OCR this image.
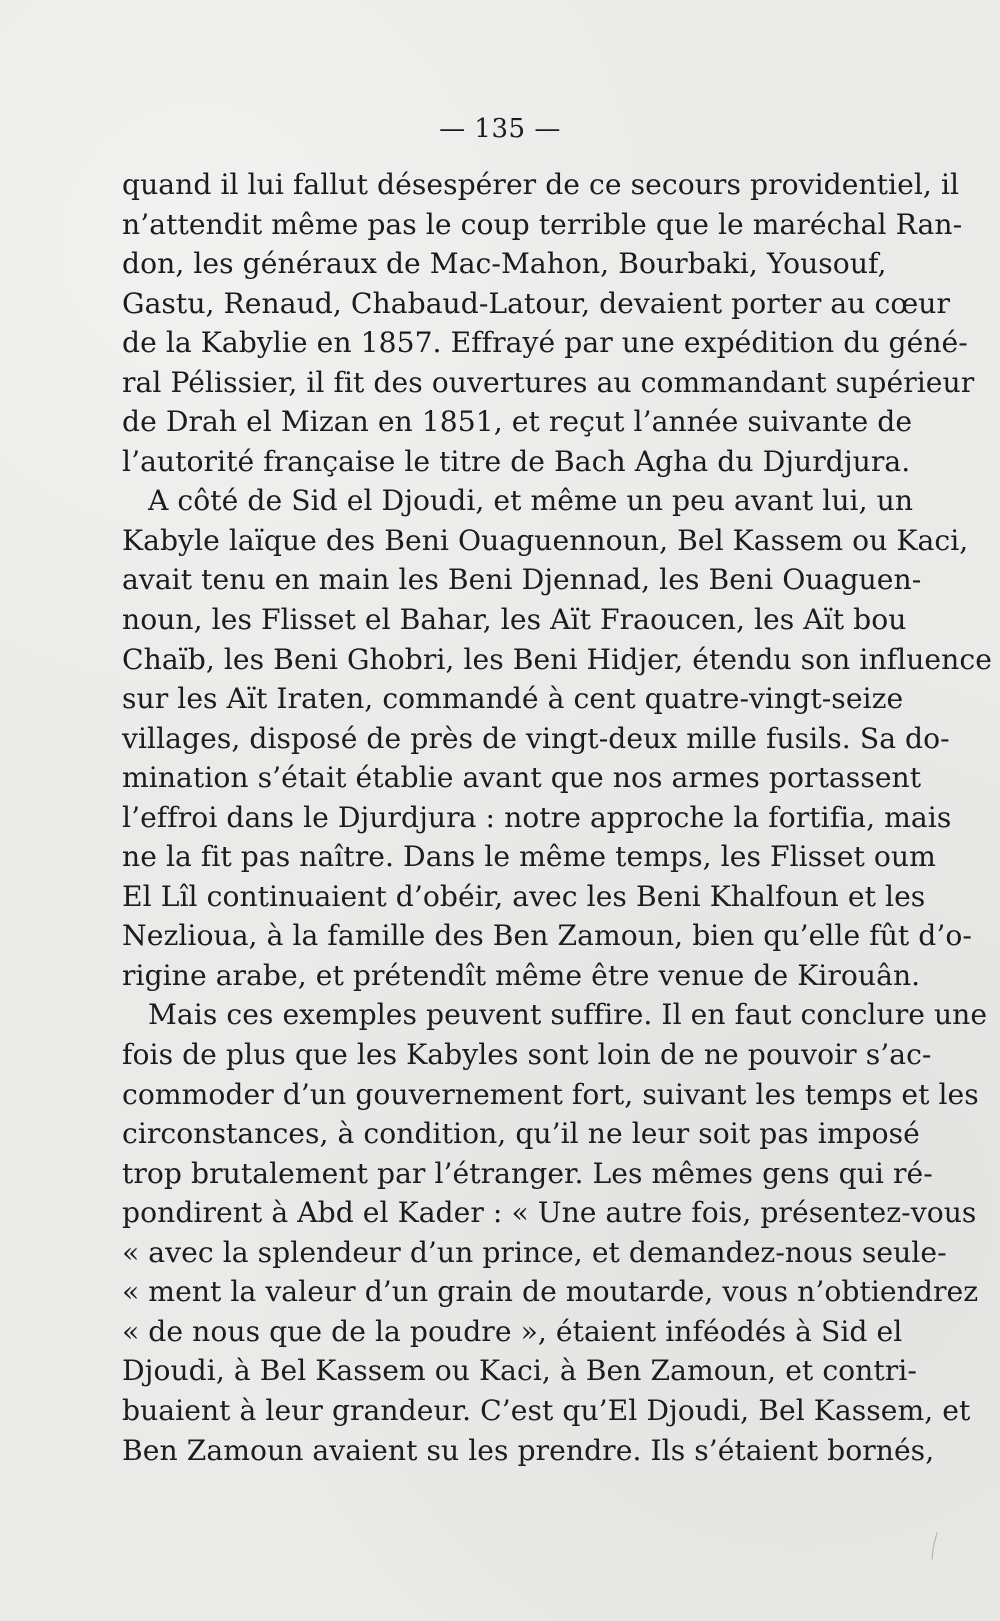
— 135 —

quand il lui fallut désespérer de ce secours providentiel, il
n’attendit même pas le coup terrible que le maréchal Ran-
don, les généraux de Mac-Mahon, Bourbaki, Yousouf,
Gastu, Renaud, Chabaud-Latour, devaient porter au cœur
de la Kabylie en 1857. Effrayé par une expédition du géné-
ral Pélissier, il fit des ouvertures au commandant supérieur
de Drah el Mizan en 1851, et reçut l’année suivante de
l’autorité française le titre de Bach Agha du Djurdjura.

A côté de Sid el Djoudi, et même un peu avant lui, un
Kabyle laïque des Beni Ouaguennoun, Bel Kassem ou Kaci,
avait tenu en main les Beni Djennad, les Beni Ouaguen-
noun, les Flisset el Bahar, les Aït Fraoucen, les Aït bou
Chaïb, les Beni Ghobri, les Beni Hidjer, étendu son influence
sur les Aït Iraten, commandé à cent quatre-vingt-seize
villages, disposé de près de vingt-deux mille fusils. Sa do-
mination s’était établie avant que nos armes portassent
l’effroi dans le Djurdjura : notre approche la fortifia, mais
ne la fit pas naître. Dans le même temps, les Flisset oum
El Lîl continuaient d’obéir, avec les Beni Khalfoun et les
Nezlioua, à la famille des Ben Zamoun, bien qu’elle fût d’o-
rigine arabe, et prétendît même être venue de Kirouân.

Mais ces exemples peuvent suffire. Il en faut conclure une
fois de plus que les Kabyles sont loin de ne pouvoir s’ac-
commoder d’un gouvernement fort, suivant les temps et les
circonstances, à condition, qu’il ne leur soit pas imposé
trop brutalement par l’étranger. Les mêmes gens qui ré-
pondirent à Abd el Kader : « Une autre fois, présentez-vous
« avec la splendeur d’un prince, et demandez-nous seule-
« ment la valeur d’un grain de moutarde, vous n’obtiendrez
« de nous que de la poudre », étaient inféodés à Sid el
Djoudi, à Bel Kassem ou Kaci, à Ben Zamoun, et contri-
buaient à leur grandeur. C’est qu’El Djoudi, Bel Kassem, et
Ben Zamoun avaient su les prendre. Ils s’étaient bornés,
